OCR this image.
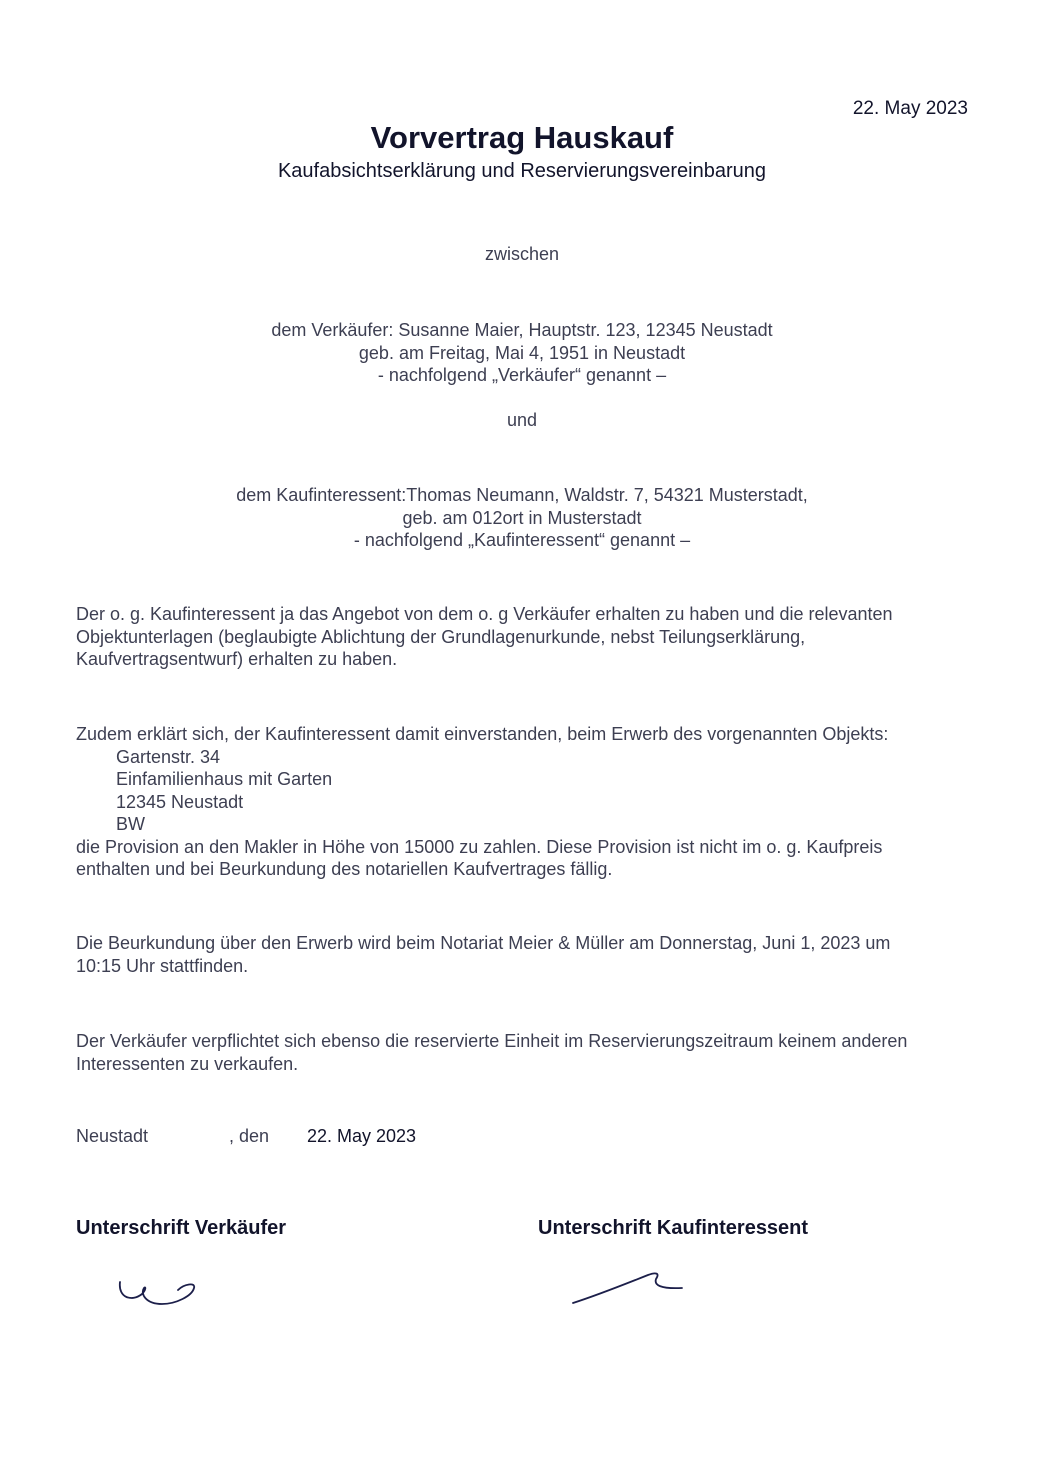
22. May 2023
Vorvertrag Hauskauf
Kaufabsichtserklärung und Reservierungsvereinbarung
zwischen
dem Verkäufer: Susanne Maier, Hauptstr. 123, 12345 Neustadt
geb. am Freitag, Mai 4, 1951 in Neustadt
- nachfolgend „Verkäufer“ genannt –
und
dem Kaufinteressent:Thomas Neumann, Waldstr. 7, 54321 Musterstadt,
geb. am 012ort in Musterstadt
- nachfolgend „Kaufinteressent“ genannt –
Der o. g. Kaufinteressent ja das Angebot von dem o. g Verkäufer erhalten zu haben und die relevanten
Objektunterlagen (beglaubigte Ablichtung der Grundlagenurkunde, nebst Teilungserklärung,
Kaufvertragsentwurf) erhalten zu haben.
Zudem erklärt sich, der Kaufinteressent damit einverstanden, beim Erwerb des vorgenannten Objekts:
Gartenstr. 34
Einfamilienhaus mit Garten
12345 Neustadt
BW
die Provision an den Makler in Höhe von 15000 zu zahlen. Diese Provision ist nicht im o. g. Kaufpreis
enthalten und bei Beurkundung des notariellen Kaufvertrages fällig.
Die Beurkundung über den Erwerb wird beim Notariat Meier & Müller am Donnerstag, Juni 1, 2023 um
10:15 Uhr stattfinden.
Der Verkäufer verpflichtet sich ebenso die reservierte Einheit im Reservierungszeitraum keinem anderen
Interessenten zu verkaufen.
Neustadt	, den 22. May 2023
Unterschrift Verkäufer	Unterschrift Kaufinteressent
